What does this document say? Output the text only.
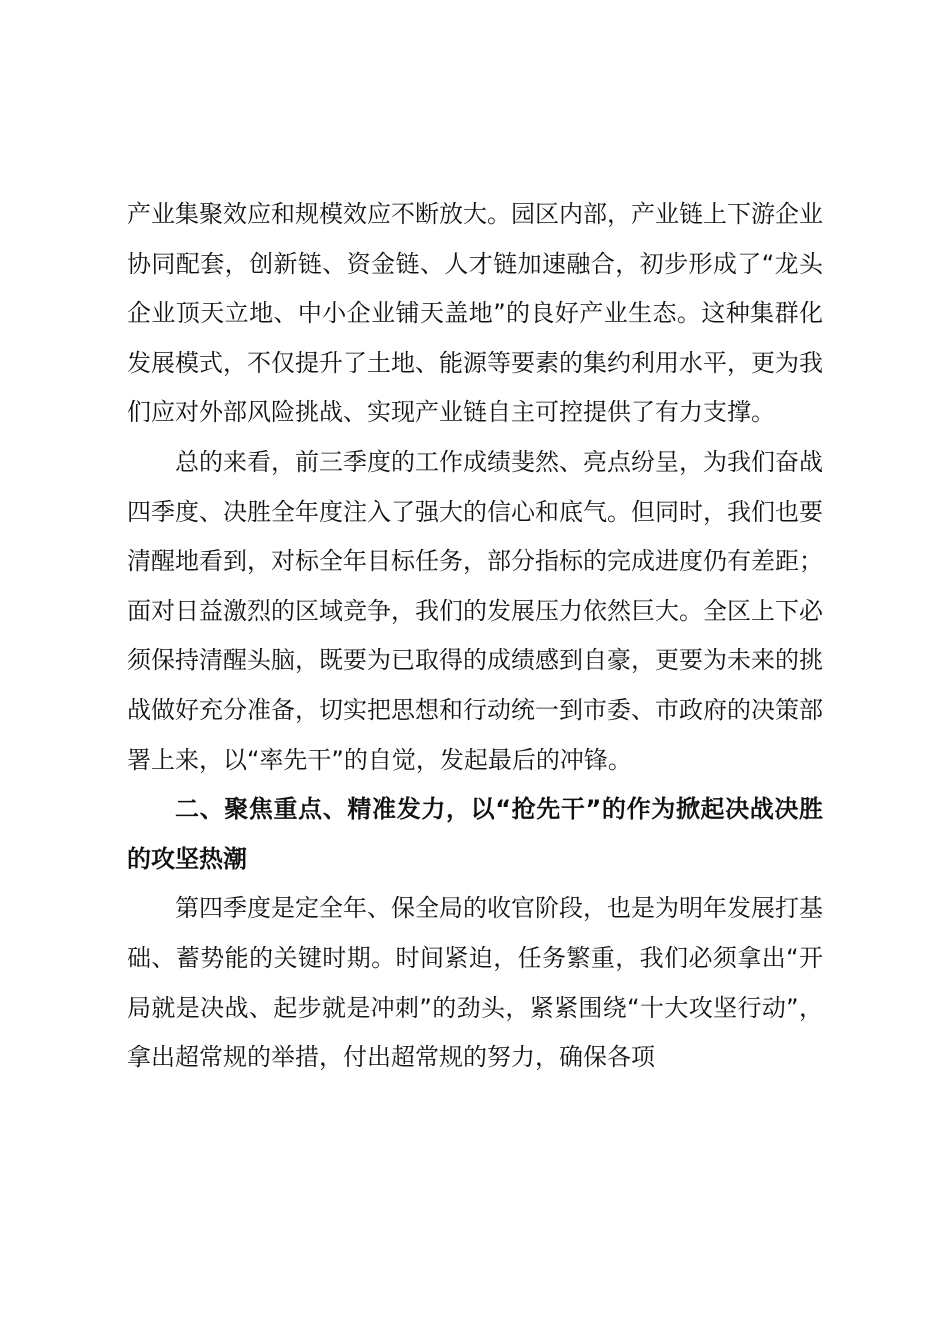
产业集聚效应和规模效应不断放大。园区内部，产业链上下游企业协同配套，创新链、资金链、人才链加速融合，初步形成了“龙头企业顶天立地、中小企业铺天盖地”的良好产业生态。这种集群化发展模式，不仅提升了土地、能源等要素的集约利用水平，更为我们应对外部风险挑战、实现产业链自主可控提供了有力支撑。

总的来看，前三季度的工作成绩斐然、亮点纷呈，为我们奋战四季度、决胜全年度注入了强大的信心和底气。但同时，我们也要清醒地看到，对标全年目标任务，部分指标的完成进度仍有差距；面对日益激烈的区域竞争，我们的发展压力依然巨大。全区上下必须保持清醒头脑，既要为已取得的成绩感到自豪，更要为未来的挑战做好充分准备，切实把思想和行动统一到市委、市政府的决策部署上来，以“率先干”的自觉，发起最后的冲锋。

二、聚焦重点、精准发力，以“抢先干”的作为掀起决战决胜的攻坚热潮

第四季度是定全年、保全局的收官阶段，也是为明年发展打基础、蓄势能的关键时期。时间紧迫，任务繁重，我们必须拿出“开局就是决战、起步就是冲刺”的劲头，紧紧围绕“十大攻坚行动”，拿出超常规的举措，付出超常规的努力，确保各项
